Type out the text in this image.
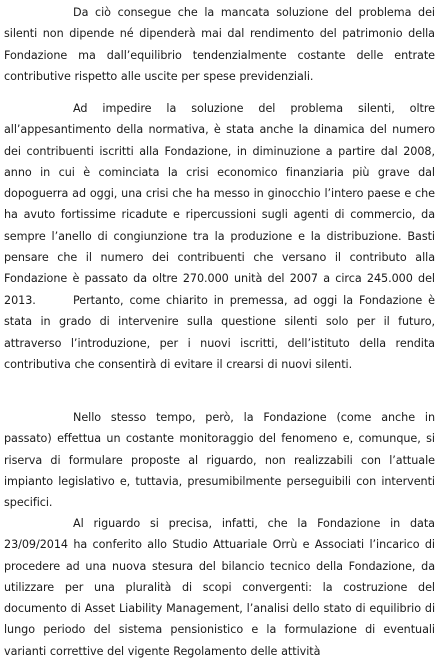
Da ciò consegue che la mancata soluzione del problema dei silenti non dipende né dipenderà mai dal rendimento del patrimonio della Fondazione ma dall’equilibrio tendenzialmente costante delle entrate contributive rispetto alle uscite per spese previdenziali.

Ad impedire la soluzione del problema silenti, oltre all’appesantimento della normativa, è stata anche la dinamica del numero dei contribuenti iscritti alla Fondazione, in diminuzione a partire dal 2008, anno in cui è cominciata la crisi economico finanziaria più grave dal dopoguerra ad oggi, una crisi che ha messo in ginocchio l’intero paese e che ha avuto fortissime ricadute e ripercussioni sugli agenti di commercio, da sempre l’anello di congiunzione tra la produzione e la distribuzione. Basti pensare che il numero dei contribuenti che versano il contributo alla Fondazione è passato da oltre 270.000 unità del 2007 a circa 245.000 del 2013.	Pertanto, come chiarito in premessa, ad oggi la Fondazione è stata in grado di intervenire sulla questione silenti solo per il futuro, attraverso l’introduzione, per i nuovi iscritti, dell’istituto della rendita contributiva che consentirà di evitare il crearsi di nuovi silenti.

Nello stesso tempo, però, la Fondazione (come anche in passato) effettua un costante monitoraggio del fenomeno e, comunque, si riserva di formulare proposte al riguardo, non realizzabili con l’attuale impianto legislativo e, tuttavia, presumibilmente perseguibili con interventi specifici.

Al riguardo si precisa, infatti, che la Fondazione in data 23/09/2014 ha conferito allo Studio Attuariale Orrù e Associati l’incarico di procedere ad una nuova stesura del bilancio tecnico della Fondazione, da utilizzare per una pluralità di scopi convergenti: la costruzione del documento di Asset Liability Management, l’analisi dello stato di equilibrio di lungo periodo del sistema pensionistico e la formulazione di eventuali varianti correttive del vigente Regolamento delle attività
